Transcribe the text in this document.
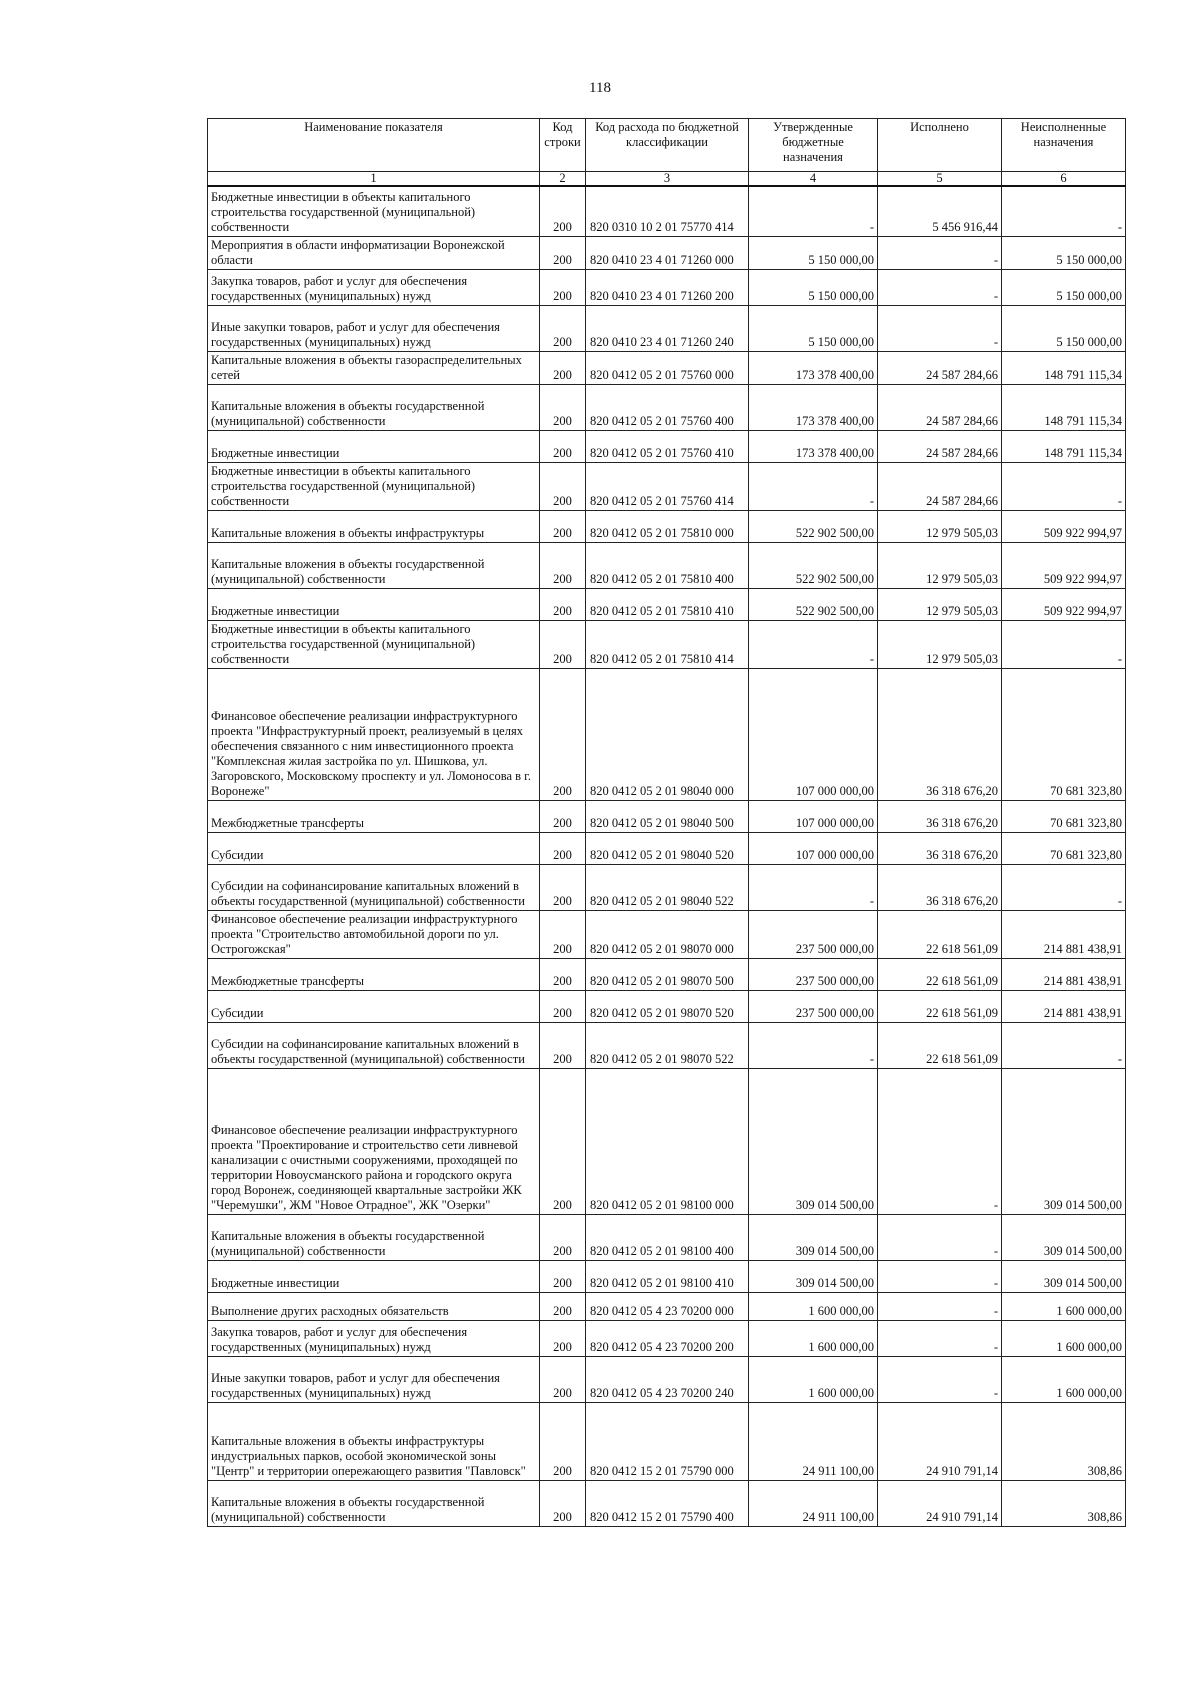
118
Наименование показателя	Код строки	Код расхода по бюджетной классификации	Утвержденные бюджетные назначения	Исполнено	Неисполненные назначения
1	2	3	4	5	6
Бюджетные инвестиции в объекты капитального строительства государственной (муниципальной) собственности	200	820 0310 10 2 01 75770 414	-	5 456 916,44	-
Мероприятия в области информатизации Воронежской области	200	820 0410 23 4 01 71260 000	5 150 000,00	-	5 150 000,00
Закупка товаров, работ и услуг для обеспечения государственных (муниципальных) нужд	200	820 0410 23 4 01 71260 200	5 150 000,00	-	5 150 000,00
Иные закупки товаров, работ и услуг для обеспечения государственных (муниципальных) нужд	200	820 0410 23 4 01 71260 240	5 150 000,00	-	5 150 000,00
Капитальные вложения в объекты газораспределительных сетей	200	820 0412 05 2 01 75760 000	173 378 400,00	24 587 284,66	148 791 115,34
Капитальные вложения в объекты государственной (муниципальной) собственности	200	820 0412 05 2 01 75760 400	173 378 400,00	24 587 284,66	148 791 115,34
Бюджетные инвестиции	200	820 0412 05 2 01 75760 410	173 378 400,00	24 587 284,66	148 791 115,34
Бюджетные инвестиции в объекты капитального строительства государственной (муниципальной) собственности	200	820 0412 05 2 01 75760 414	-	24 587 284,66	-
Капитальные вложения в объекты инфраструктуры	200	820 0412 05 2 01 75810 000	522 902 500,00	12 979 505,03	509 922 994,97
Капитальные вложения в объекты государственной (муниципальной) собственности	200	820 0412 05 2 01 75810 400	522 902 500,00	12 979 505,03	509 922 994,97
Бюджетные инвестиции	200	820 0412 05 2 01 75810 410	522 902 500,00	12 979 505,03	509 922 994,97
Бюджетные инвестиции в объекты капитального строительства государственной (муниципальной) собственности	200	820 0412 05 2 01 75810 414	-	12 979 505,03	-
Финансовое обеспечение реализации инфраструктурного проекта "Инфраструктурный проект, реализуемый в целях обеспечения связанного с ним инвестиционного проекта "Комплексная жилая застройка по ул. Шишкова, ул. Загоровского, Московскому проспекту и ул. Ломоносова в г. Воронеже"	200	820 0412 05 2 01 98040 000	107 000 000,00	36 318 676,20	70 681 323,80
Межбюджетные трансферты	200	820 0412 05 2 01 98040 500	107 000 000,00	36 318 676,20	70 681 323,80
Субсидии	200	820 0412 05 2 01 98040 520	107 000 000,00	36 318 676,20	70 681 323,80
Субсидии на софинансирование капитальных вложений в объекты государственной (муниципальной) собственности	200	820 0412 05 2 01 98040 522	-	36 318 676,20	-
Финансовое обеспечение реализации инфраструктурного проекта "Строительство автомобильной дороги по ул. Острогожская"	200	820 0412 05 2 01 98070 000	237 500 000,00	22 618 561,09	214 881 438,91
Межбюджетные трансферты	200	820 0412 05 2 01 98070 500	237 500 000,00	22 618 561,09	214 881 438,91
Субсидии	200	820 0412 05 2 01 98070 520	237 500 000,00	22 618 561,09	214 881 438,91
Субсидии на софинансирование капитальных вложений в объекты государственной (муниципальной) собственности	200	820 0412 05 2 01 98070 522	-	22 618 561,09	-
Финансовое обеспечение реализации инфраструктурного проекта "Проектирование и строительство сети ливневой канализации с очистными сооружениями, проходящей по территории Новоусманского района и городского округа город Воронеж, соединяющей квартальные застройки ЖК "Черемушки", ЖМ "Новое Отрадное", ЖК "Озерки"	200	820 0412 05 2 01 98100 000	309 014 500,00	-	309 014 500,00
Капитальные вложения в объекты государственной (муниципальной) собственности	200	820 0412 05 2 01 98100 400	309 014 500,00	-	309 014 500,00
Бюджетные инвестиции	200	820 0412 05 2 01 98100 410	309 014 500,00	-	309 014 500,00
Выполнение других расходных обязательств	200	820 0412 05 4 23 70200 000	1 600 000,00	-	1 600 000,00
Закупка товаров, работ и услуг для обеспечения государственных (муниципальных) нужд	200	820 0412 05 4 23 70200 200	1 600 000,00	-	1 600 000,00
Иные закупки товаров, работ и услуг для обеспечения государственных (муниципальных) нужд	200	820 0412 05 4 23 70200 240	1 600 000,00	-	1 600 000,00
Капитальные вложения в объекты инфраструктуры индустриальных парков, особой экономической зоны "Центр" и территории опережающего развития "Павловск"	200	820 0412 15 2 01 75790 000	24 911 100,00	24 910 791,14	308,86
Капитальные вложения в объекты государственной (муниципальной) собственности	200	820 0412 15 2 01 75790 400	24 911 100,00	24 910 791,14	308,86
